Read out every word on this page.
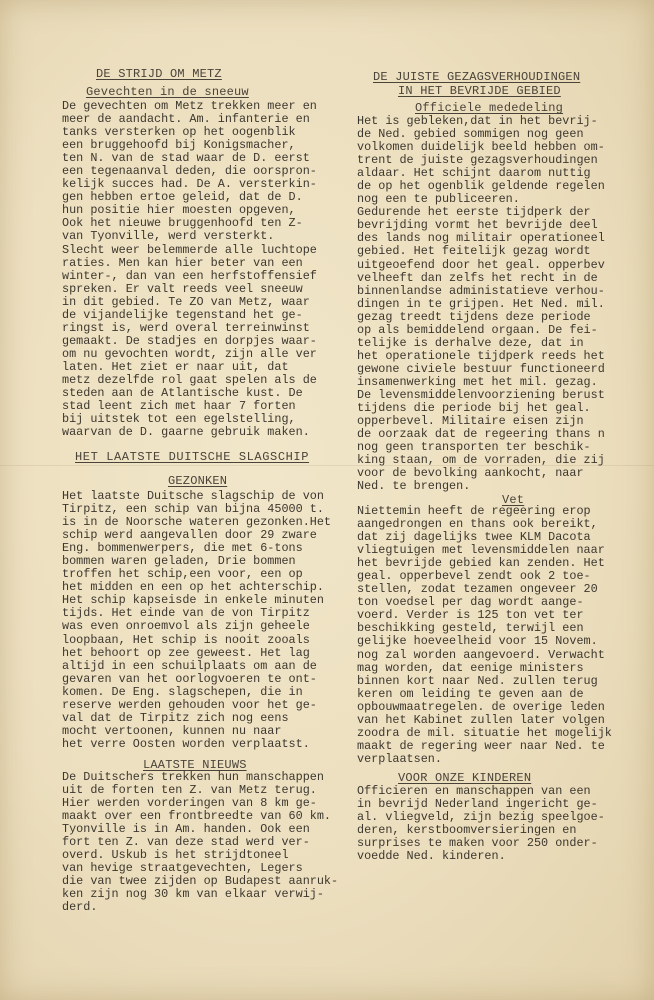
DE STRIJD OM METZ
Gevechten in de sneeuw
De gevechten om Metz trekken meer en
meer de aandacht. Am. infanterie en
tanks versterken op het oogenblik
een bruggehoofd bij Konigsmacher,
ten N. van de stad waar de D. eerst
een tegenaanval deden, die oorspron-
kelijk succes had. De A. versterkin-
gen hebben ertoe geleid, dat de D.
hun positie hier moesten opgeven,
Ook het nieuwe bruggenhoofd ten Z-
van Tyonville, werd versterkt.
Slecht weer belemmerde alle luchtope
raties. Men kan hier beter van een
winter-, dan van een herfstoffensief
spreken. Er valt reeds veel sneeuw
in dit gebied. Te ZO van Metz, waar
de vijandelijke tegenstand het ge-
ringst is, werd overal terreinwinst
gemaakt. De stadjes en dorpjes waar-
om nu gevochten wordt, zijn alle ver
laten. Het ziet er naar uit, dat
metz dezelfde rol gaat spelen als de
steden aan de Atlantische kust. De
stad leent zich met haar 7 forten
bij uitstek tot een egelstelling,
waarvan de D. gaarne gebruik maken.
HET LAATSTE DUITSCHE SLAGSCHIP
GEZONKEN
Het laatste Duitsche slagschip de von
Tirpitz, een schip van bijna 45000 t.
is in de Noorsche wateren gezonken.Het
schip werd aangevallen door 29 zware
Eng. bommenwerpers, die met 6-tons
bommen waren geladen, Drie bommen
troffen het schip,een voor, een op
het midden en een op het achterschip.
Het schip kapseisde in enkele minuten
tijds. Het einde van de von Tirpitz
was even onroemvol als zijn geheele
loopbaan, Het schip is nooit zooals
het behoort op zee geweest. Het lag
altijd in een schuilplaats om aan de
gevaren van het oorlogvoeren te ont-
komen. De Eng. slagschepen, die in
reserve werden gehouden voor het ge-
val dat de Tirpitz zich nog eens
mocht vertoonen, kunnen nu naar
het verre Oosten worden verplaatst.
LAATSTE NIEUWS
De Duitschers trekken hun manschappen
uit de forten ten Z. van Metz terug.
Hier werden vorderingen van 8 km ge-
maakt over een frontbreedte van 60 km.
Tyonville is in Am. handen. Ook een
fort ten Z. van deze stad werd ver-
overd. Uskub is het strijdtoneel
van hevige straatgevechten, Legers
die van twee zijden op Budapest aanruk-
ken zijn nog 30 km van elkaar verwij-
derd.
DE JUISTE GEZAGSVERHOUDINGEN
IN HET BEVRIJDE GEBIED
Officiele mededeling
Het is gebleken,dat in het bevrij-
de Ned. gebied sommigen nog geen
volkomen duidelijk beeld hebben om-
trent de juiste gezagsverhoudingen
aldaar. Het schijnt daarom nuttig
de op het ogenblik geldende regelen
nog een te publiceeren.
Gedurende het eerste tijdperk der
bevrijding vormt het bevrijde deel
des lands nog militair operationeel
gebied. Het feitelijk gezag wordt
uitgeoefend door het geal. opperbev
velheeft dan zelfs het recht in de
binnenlandse administatieve verhou-
dingen in te grijpen. Het Ned. mil.
gezag treedt tijdens deze periode
op als bemiddelend orgaan. De fei-
telijke is derhalve deze, dat in
het operationele tijdperk reeds het
gewone civiele bestuur functioneerd
insamenwerking met het mil. gezag.
De levensmiddelenvoorziening berust
tijdens die periode bij het geal.
opperbevel. Militaire eisen zijn
de oorzaak dat de regeering thans n
nog geen transporten ter beschik-
king staan, om de vorraden, die zij
voor de bevolking aankocht, naar
Ned. te brengen.
Vet
Niettemin heeft de regeering erop
aangedrongen en thans ook bereikt,
dat zij dagelijks twee KLM Dacota
vliegtuigen met levensmiddelen naar
het bevrijde gebied kan zenden. Het
geal. opperbevel zendt ook 2 toe-
stellen, zodat tezamen ongeveer 20
ton voedsel per dag wordt aange-
voerd. Verder is 125 ton vet ter
beschikking gesteld, terwijl een
gelijke hoeveelheid voor 15 Novem.
nog zal worden aangevoerd. Verwacht
mag worden, dat eenige ministers
binnen kort naar Ned. zullen terug
keren om leiding te geven aan de
opbouwmaatregelen. de overige leden
van het Kabinet zullen later volgen
zoodra de mil. situatie het mogelijk
maakt de regering weer naar Ned. te
verplaatsen.
VOOR ONZE KINDEREN
Officieren en manschappen van een
in bevrijd Nederland ingericht ge-
al. vliegveld, zijn bezig speelgoe-
deren, kerstboomversieringen en
surprises te maken voor 250 onder-
voedde Ned. kinderen.
